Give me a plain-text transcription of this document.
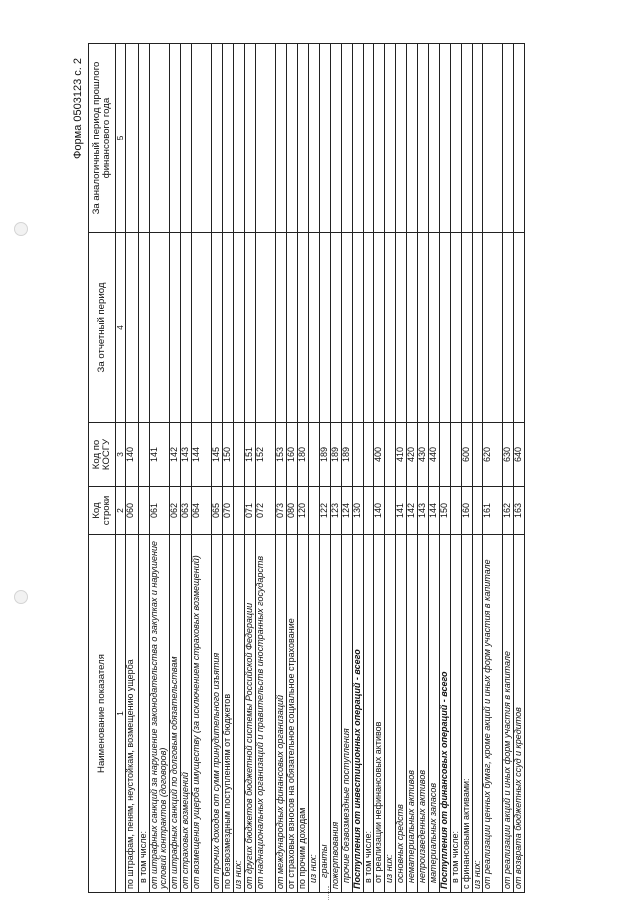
Форма 0503123 с. 2
Наименование показателя	Код строки	Код по КОСГУ	За отчетный период	За аналогичный период прошлого финансового года
1	2	3	4	5
по штрафам, пеням, неустойкам, возмещению ущерба	060	140		
в том числе:				
от штрафных санкций за нарушение законодательства о закупках и нарушение условий контрактов (договоров)	061	141		
от штрафных санкций по долговым обязательствам	062	142		
от страховых возмещений	063	143		
от возмещения ущерба имуществу (за исключением страховых возмещений)	064	144		
от прочих доходов от сумм принудительного изъятия	065	145		
по безвозмездным поступлениям от бюджетов	070	150		
из них:				
от других бюджетов бюджетной системы Российской Федерации	071	151		
от наднациональных организаций и правительств иностранных государств	072	152		
от международных финансовых организаций	073	153		
от страховых взносов на обязательное социальное страхование	080	160		
по прочим доходам	120	180		
из них:				
гранты	122	189		
пожертвования	123	189		
прочие безвозмездные поступления	124	189		
Поступления от инвестиционных операций - всего	130			
в том числе:				
от реализации нефинансовых активов	140	400		
из них:				
основных средств	141	410		
нематериальных активов	142	420		
непроизведенных активов	143	430		
материальных запасов	144	440		
Поступления от финансовых операций - всего	150			
в том числе:				
с финансовыми активами:	160	600		
из них:				
от реализации ценных бумаг, кроме акций и иных форм участия в капитале	161	620		
от реализации акций и иных форм участия в капитале	162	630		
от возврата бюджетных ссуд и кредитов	163	640		
